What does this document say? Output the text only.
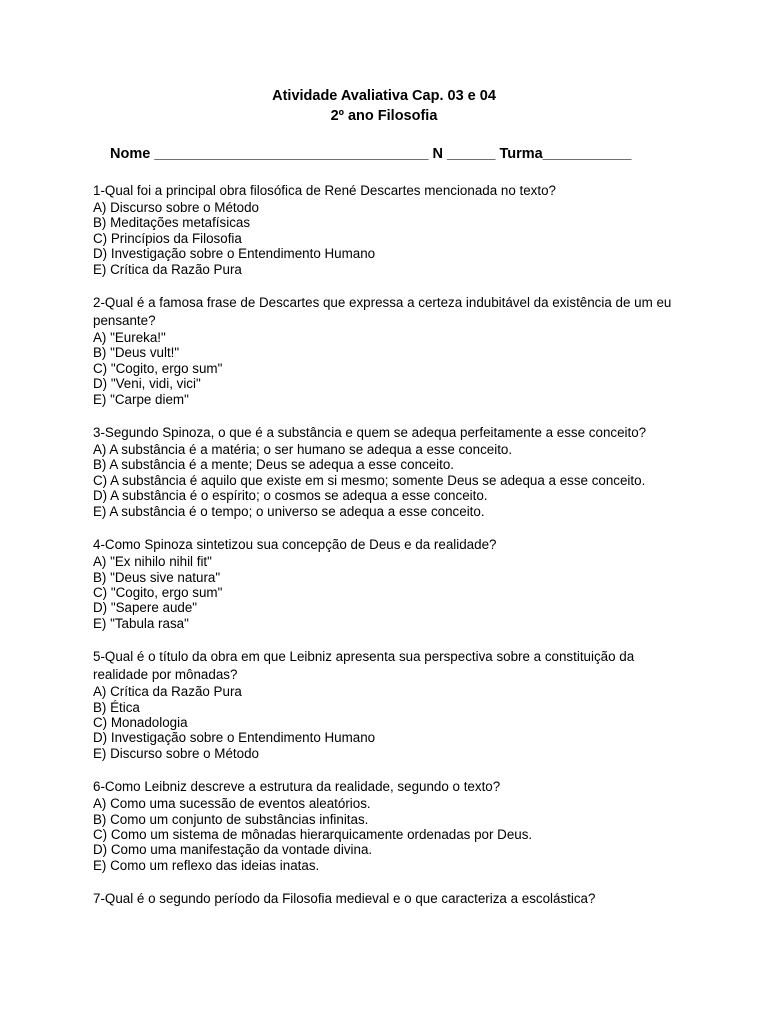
Atividade Avaliativa Cap. 03 e 04
2º ano Filosofia
Nome __________________________________ N ______ Turma___________

1-Qual foi a principal obra filosófica de René Descartes mencionada no texto?

A) Discurso sobre o Método

B) Meditações metafísicas

C) Princípios da Filosofia

D) Investigação sobre o Entendimento Humano

E) Crítica da Razão Pura

2-Qual é a famosa frase de Descartes que expressa a certeza indubitável da existência de um eu pensante?

A) "Eureka!"

B) "Deus vult!"

C) "Cogito, ergo sum"

D) "Veni, vidi, vici"

E) "Carpe diem"

3-Segundo Spinoza, o que é a substância e quem se adequa perfeitamente a esse conceito?

A) A substância é a matéria; o ser humano se adequa a esse conceito.

B) A substância é a mente; Deus se adequa a esse conceito.

C) A substância é aquilo que existe em si mesmo; somente Deus se adequa a esse conceito.

D) A substância é o espírito; o cosmos se adequa a esse conceito.

E) A substância é o tempo; o universo se adequa a esse conceito.

4-Como Spinoza sintetizou sua concepção de Deus e da realidade?

A) "Ex nihilo nihil fit"

B) "Deus sive natura"

C) "Cogito, ergo sum"

D) "Sapere aude"

E) "Tabula rasa"

5-Qual é o título da obra em que Leibniz apresenta sua perspectiva sobre a constituição da realidade por mônadas?

A) Crítica da Razão Pura

B) Ética

C) Monadologia

D) Investigação sobre o Entendimento Humano

E) Discurso sobre o Método

6-Como Leibniz descreve a estrutura da realidade, segundo o texto?

A) Como uma sucessão de eventos aleatórios.

B) Como um conjunto de substâncias infinitas.

C) Como um sistema de mônadas hierarquicamente ordenadas por Deus.

D) Como uma manifestação da vontade divina.

E) Como um reflexo das ideias inatas.

7-Qual é o segundo período da Filosofia medieval e o que caracteriza a escolástica?
